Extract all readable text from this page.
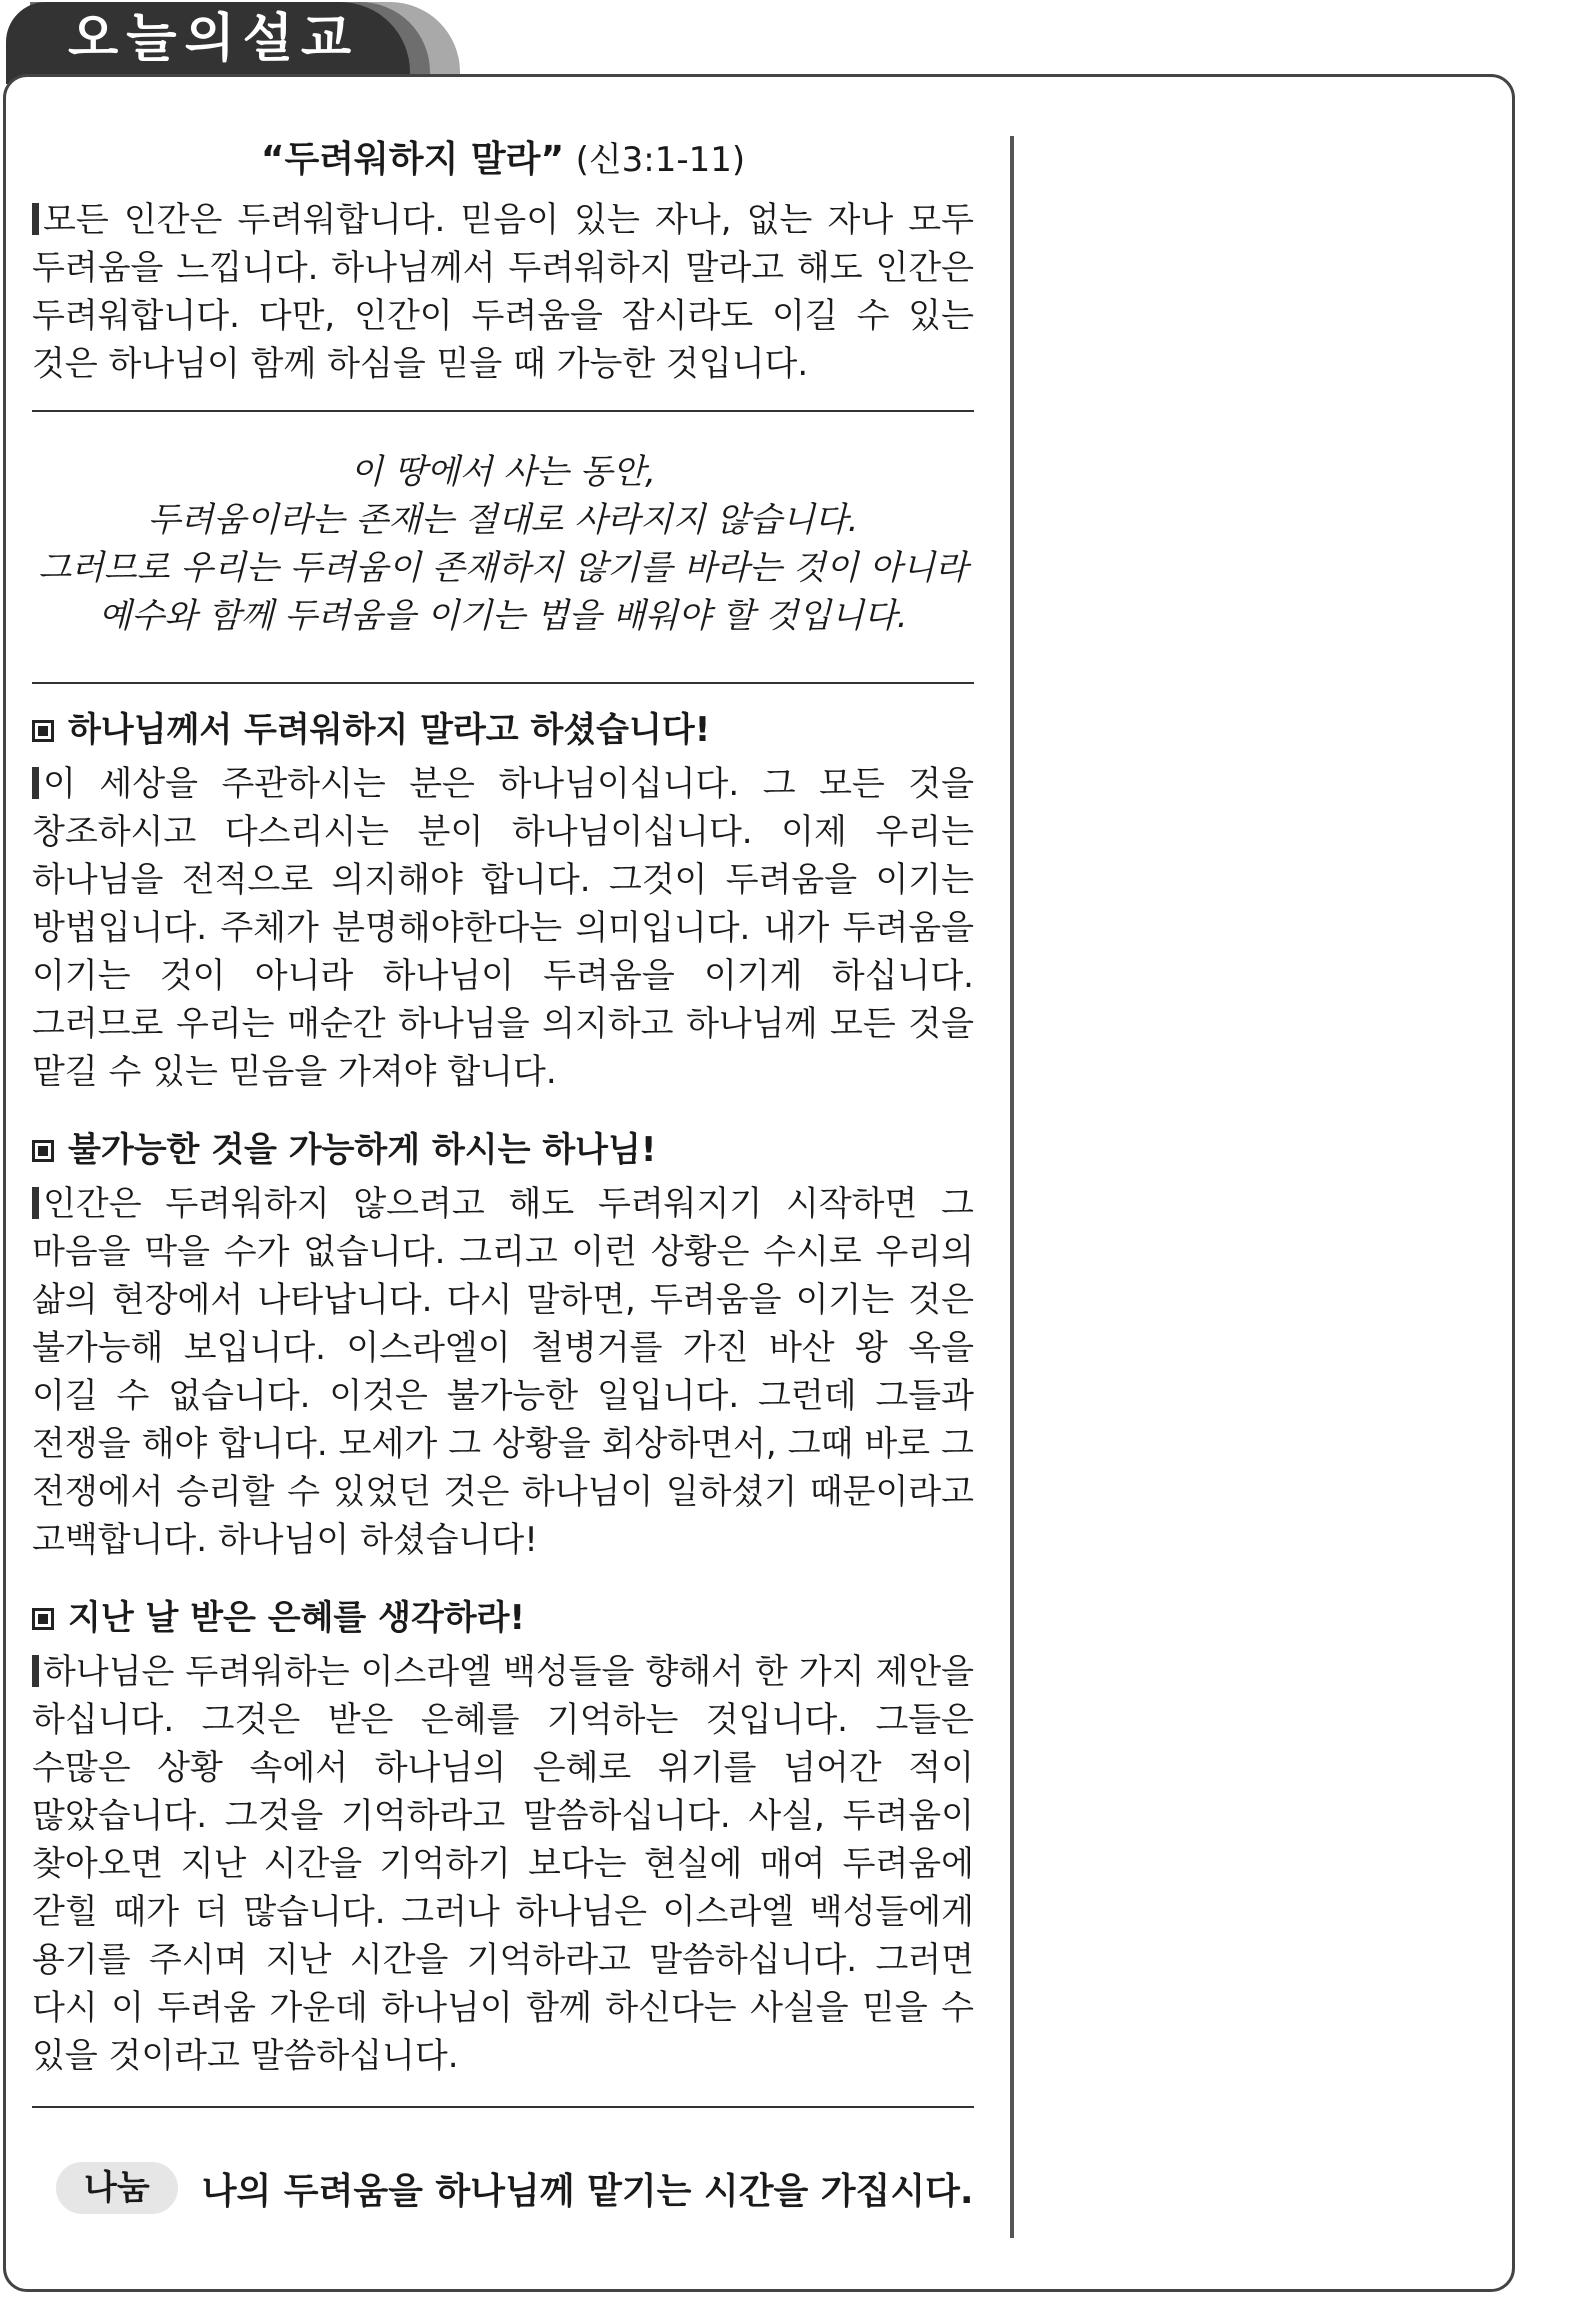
오늘의설교
“두려워하지 말라” (신3:1-11)

모든 인간은 두려워합니다. 믿음이 있는 자나, 없는 자나 모두 두려움을 느낍니다. 하나님께서 두려워하지 말라고 해도 인간은 두려워합니다. 다만, 인간이 두려움을 잠시라도 이길 수 있는 것은 하나님이 함께 하심을 믿을 때 가능한 것입니다.

이 땅에서 사는 동안,

두려움이라는 존재는 절대로 사라지지 않습니다.

그러므로 우리는 두려움이 존재하지 않기를 바라는 것이 아니라

예수와 함께 두려움을 이기는 법을 배워야 할 것입니다.

하나님께서 두려워하지 말라고 하셨습니다!

이 세상을 주관하시는 분은 하나님이십니다. 그 모든 것을 창조하시고 다스리시는 분이 하나님이십니다. 이제 우리는 하나님을 전적으로 의지해야 합니다. 그것이 두려움을 이기는 방법입니다. 주체가 분명해야한다는 의미입니다. 내가 두려움을 이기는 것이 아니라 하나님이 두려움을 이기게 하십니다. 그러므로 우리는 매순간 하나님을 의지하고 하나님께 모든 것을 맡길 수 있는 믿음을 가져야 합니다.

불가능한 것을 가능하게 하시는 하나님!

인간은 두려워하지 않으려고 해도 두려워지기 시작하면 그 마음을 막을 수가 없습니다. 그리고 이런 상황은 수시로 우리의 삶의 현장에서 나타납니다. 다시 말하면, 두려움을 이기는 것은 불가능해 보입니다. 이스라엘이 철병거를 가진 바산 왕 옥을 이길 수 없습니다. 이것은 불가능한 일입니다. 그런데 그들과 전쟁을 해야 합니다. 모세가 그 상황을 회상하면서, 그때 바로 그 전쟁에서 승리할 수 있었던 것은 하나님이 일하셨기 때문이라고 고백합니다. 하나님이 하셨습니다!

지난 날 받은 은혜를 생각하라!

하나님은 두려워하는 이스라엘 백성들을 향해서 한 가지 제안을 하십니다. 그것은 받은 은혜를 기억하는 것입니다. 그들은 수많은 상황 속에서 하나님의 은혜로 위기를 넘어간 적이 많았습니다. 그것을 기억하라고 말씀하십니다. 사실, 두려움이 찾아오면 지난 시간을 기억하기 보다는 현실에 매여 두려움에 갇힐 때가 더 많습니다. 그러나 하나님은 이스라엘 백성들에게 용기를 주시며 지난 시간을 기억하라고 말씀하십니다. 그러면 다시 이 두려움 가운데 하나님이 함께 하신다는 사실을 믿을 수 있을 것이라고 말씀하십니다.

나눔	나의 두려움을 하나님께 맡기는 시간을 가집시다.
